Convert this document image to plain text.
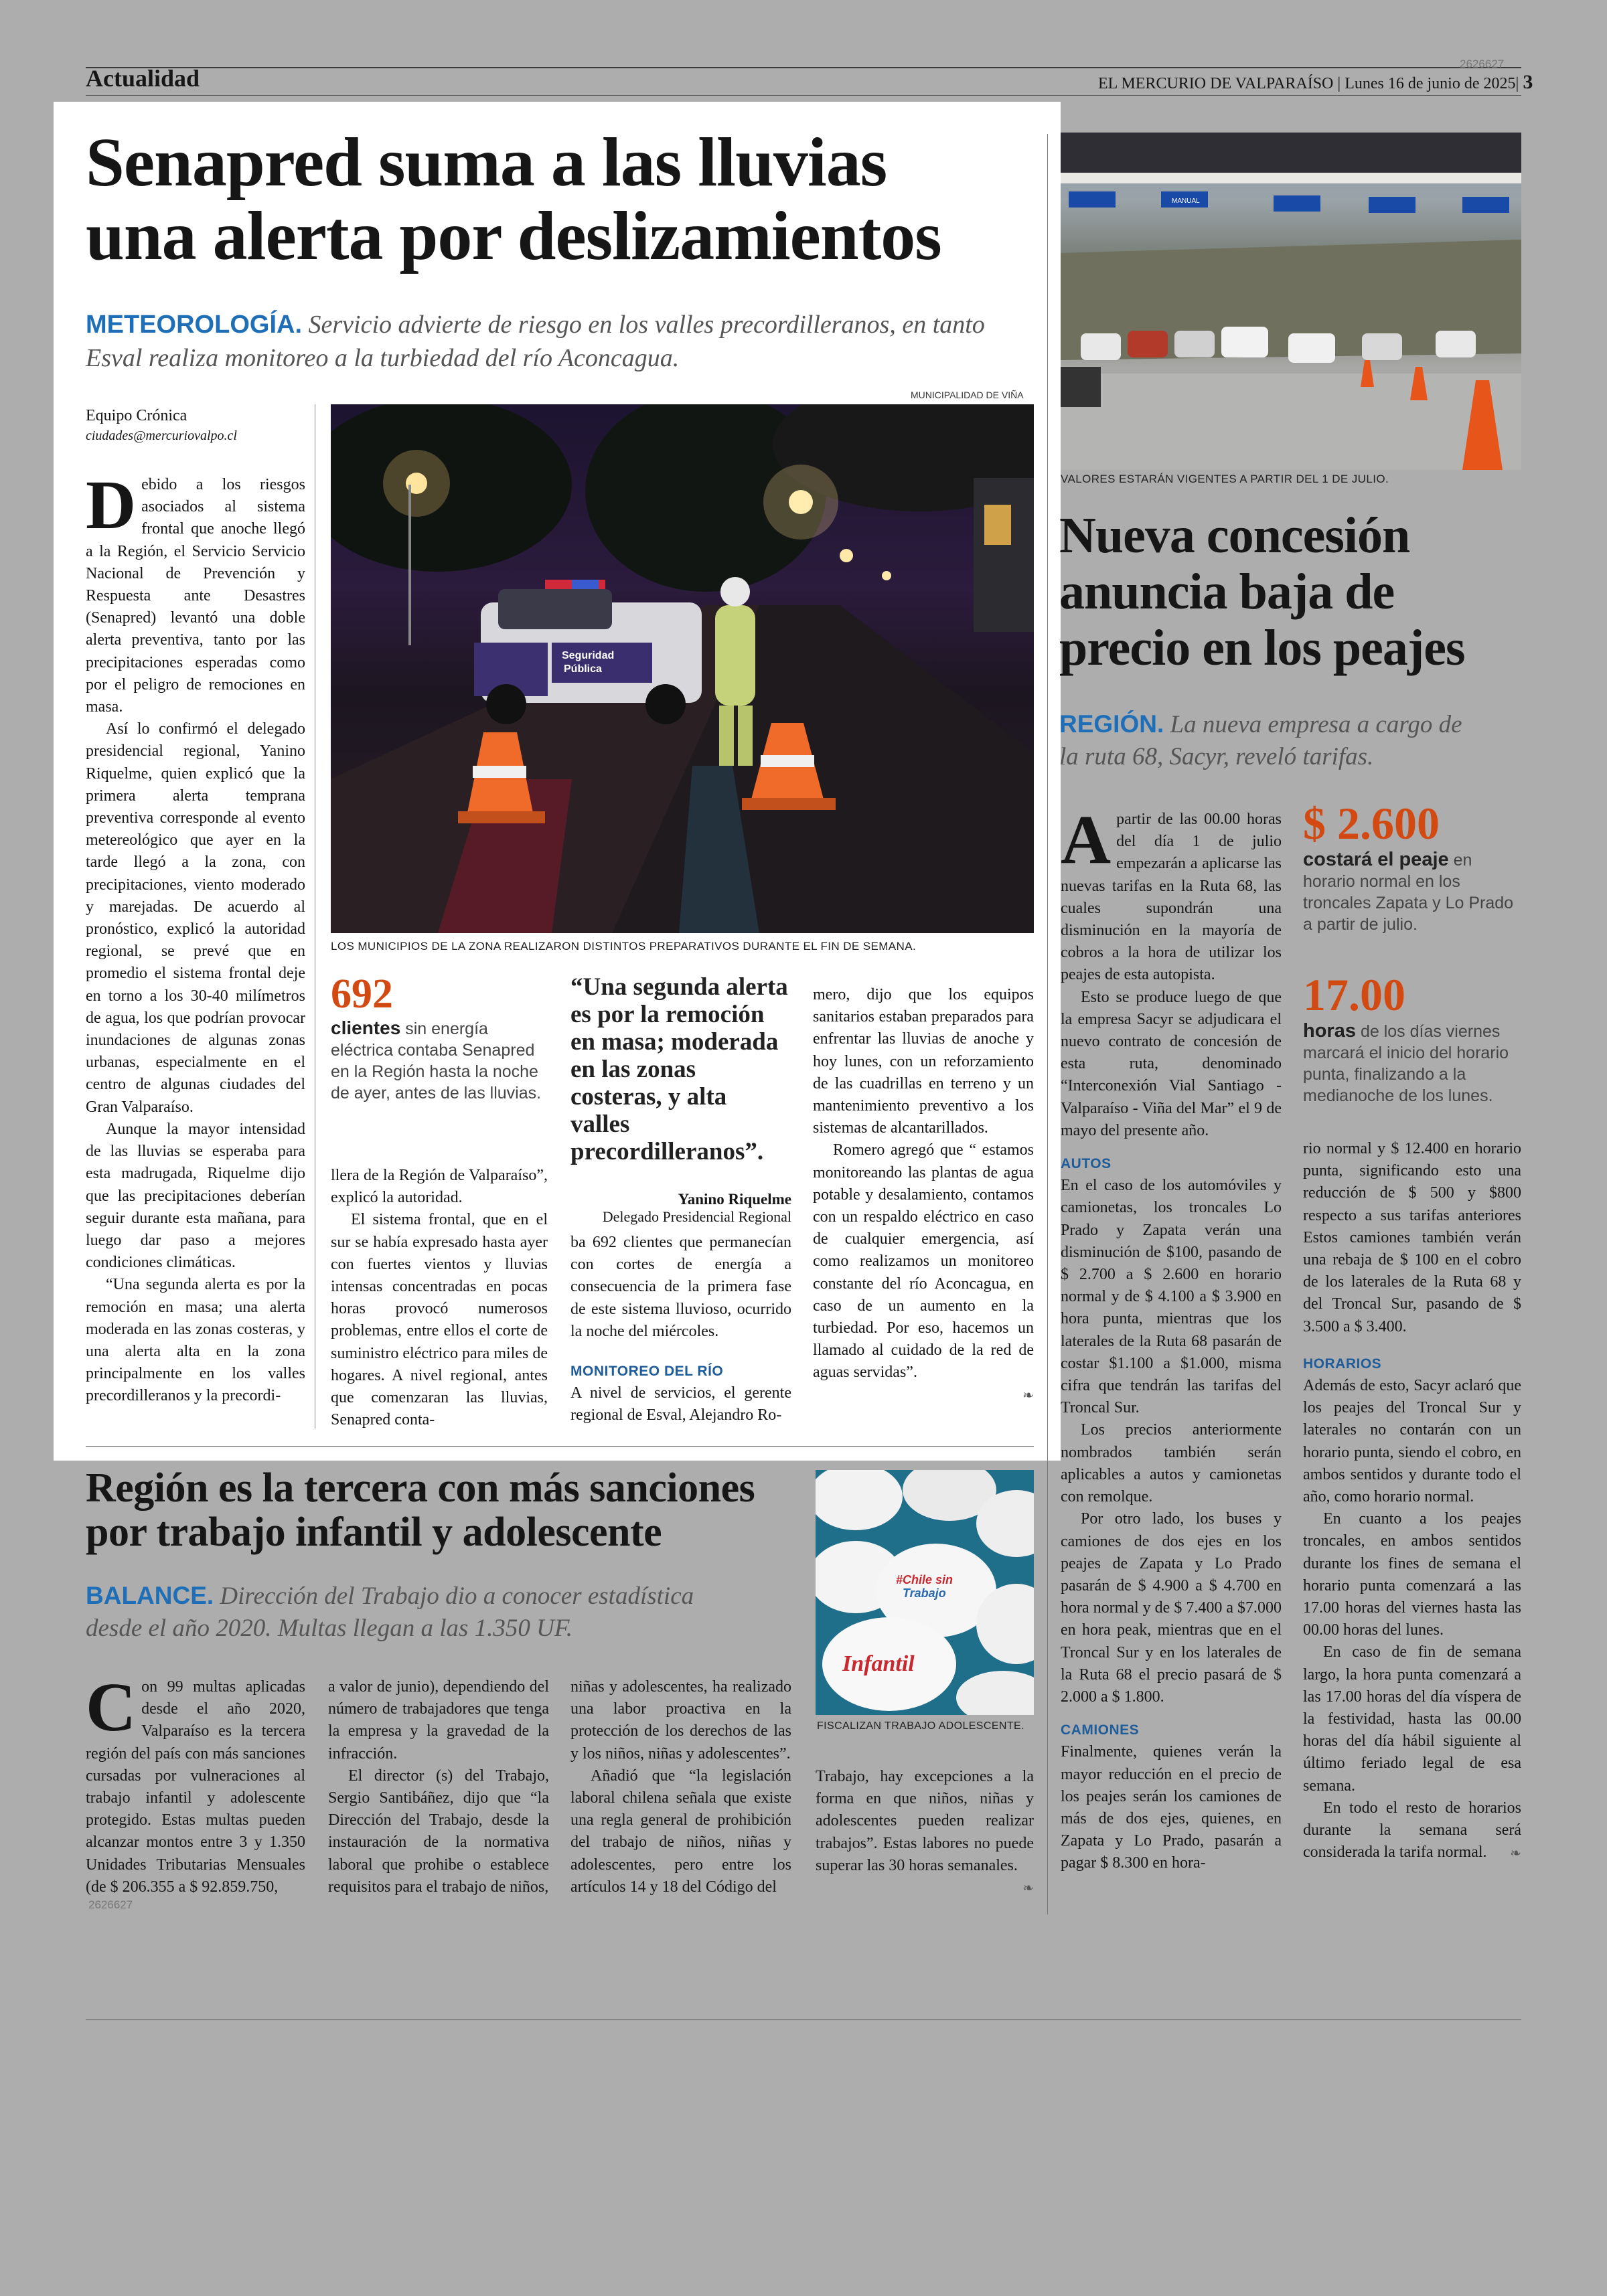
Actualidad
2626627
EL MERCURIO DE VALPARAÍSO | Lunes 16 de junio de 2025| 3
Senapred suma a las lluvias
una alerta por deslizamientos
METEOROLOGÍA. Servicio advierte de riesgo en los valles precordilleranos, en tanto
Esval realiza monitoreo a la turbiedad del río Aconcagua.
MUNICIPALIDAD DE VIÑA
Equipo Crónica
ciudades@mercuriovalpo.cl
Seguridad
Pública
LOS MUNICIPIOS DE LA ZONA REALIZARON DISTINTOS PREPARATIVOS DURANTE EL FIN DE SEMANA.

Debido a los riesgos asociados al sistema frontal que anoche llegó a la Región, el Servicio Servicio Nacional de Prevención y Respuesta ante Desastres (Senapred) levantó una doble alerta preventiva, tanto por las precipitaciones esperadas como por el peligro de remociones en masa.

Así lo confirmó el delegado presidencial regional, Yanino Riquelme, quien explicó que la primera alerta temprana preventiva corresponde al evento metereológico que ayer en la tarde llegó a la zona, con precipitaciones, viento moderado y marejadas. De acuerdo al pronóstico, explicó la autoridad regional, se prevé que en promedio el sistema frontal deje en torno a los 30-40 milímetros de agua, los que podrían provocar inundaciones de algunas zonas urbanas, especialmente en el centro de algunas ciudades del Gran Valparaíso.

Aunque la mayor intensidad de las lluvias se esperaba para esta madrugada, Riquelme dijo que las precipitaciones deberían seguir durante esta mañana, para luego dar paso a mejores condiciones climáticas.

“Una segunda alerta es por la remoción en masa; una alerta moderada en las zonas costeras, y una alerta alta en la zona principalmente en los valles precordilleranos y la precordi-

692
clientes sin energía eléctrica contaba Senapred en la Región hasta la noche de ayer, antes de las lluvias.

llera de la Región de Valparaíso”, explicó la autoridad.

El sistema frontal, que en el sur se había expresado hasta ayer con fuertes vientos y lluvias intensas concentradas en pocas horas provocó numerosos problemas, entre ellos el corte de suministro eléctrico para miles de hogares. A nivel regional, antes que comenzaran las lluvias, Senapred conta-

“Una segunda alerta es por la remoción en masa; moderada en las zonas costeras, y alta valles precordilleranos”.
Yanino Riquelme
Delegado Presidencial Regional

ba 692 clientes que permanecían con cortes de energía a consecuencia de la primera fase de este sistema lluvioso, ocurrido la noche del miércoles.

MONITOREO DEL RÍO

A nivel de servicios, el gerente regional de Esval, Alejandro Ro-

mero, dijo que los equipos sanitarios estaban preparados para enfrentar las lluvias de anoche y hoy lunes, con un reforzamiento de las cuadrillas en terreno y un mantenimiento preventivo a los sistemas de alcantarillados.

Romero agregó que “ estamos monitoreando las plantas de agua potable y desalamiento, contamos con un respaldo eléctrico en caso de cualquier emergencia, así como realizamos un monitoreo constante del río Aconcagua, en caso de un aumento en la turbiedad. Por eso, hacemos un llamado al cuidado de la red de aguas servidas”.

❧
MANUAL
VALORES ESTARÁN VIGENTES A PARTIR DEL 1 DE JULIO.
Nueva concesión
anuncia baja de
precio en los peajes
REGIÓN. La nueva empresa a cargo de
la ruta 68, Sacyr, reveló tarifas.

Apartir de las 00.00 horas del día 1 de julio empezarán a aplicarse las nuevas tarifas en la Ruta 68, las cuales supondrán una disminución en la mayoría de cobros a la hora de utilizar los peajes de esta autopista.

Esto se produce luego de que la empresa Sacyr se adjudicara el nuevo contrato de concesión de esta ruta, denominado “Interconexión Vial Santiago - Valparaíso - Viña del Mar” el 9 de mayo del presente año.

AUTOS

En el caso de los automóviles y camionetas, los troncales Lo Prado y Zapata verán una disminución de $100, pasando de $ 2.700 a $ 2.600 en horario normal y de $ 4.100 a $ 3.900 en hora punta, mientras que los laterales de la Ruta 68 pasarán de costar $1.100 a $1.000, misma cifra que tendrán las tarifas del Troncal Sur.

Los precios anteriormente nombrados también serán aplicables a autos y camionetas con remolque.

Por otro lado, los buses y camiones de dos ejes en los peajes de Zapata y Lo Prado pasarán de $ 4.900 a $ 4.700 en hora normal y de $ 7.400 a $7.000 en hora peak, mientras que en el Troncal Sur y en los laterales de la Ruta 68 el precio pasará de $ 2.000 a $ 1.800.

CAMIONES

Finalmente, quienes verán la mayor reducción en el precio de los peajes serán los camiones de más de dos ejes, quienes, en Zapata y Lo Prado, pasarán a pagar $ 8.300 en hora-

$ 2.600
costará el peaje en horario normal en los troncales Zapata y Lo Prado a partir de julio.
17.00
horas de los días viernes marcará el inicio del horario punta, finalizando a la medianoche de los lunes.

rio normal y $ 12.400 en horario punta, significando esto una reducción de $ 500 y $800 respecto a sus tarifas anteriores Estos camiones también verán una rebaja de $ 100 en el cobro de los laterales de la Ruta 68 y del Troncal Sur, pasando de $ 3.500 a $ 3.400.

HORARIOS

Además de esto, Sacyr aclaró que los peajes del Troncal Sur y laterales no contarán con un horario punta, siendo el cobro, en ambos sentidos y durante todo el año, como horario normal.

En cuanto a los peajes troncales, en ambos sentidos durante los fines de semana el horario punta comenzará a las 17.00 horas del viernes hasta las 00.00 horas del lunes.

En caso de fin de semana largo, la hora punta comenzará a las 17.00 horas del día víspera de la festividad, hasta las 00.00 horas del día hábil siguiente al último feriado legal de esa semana.

En todo el resto de horarios durante la semana será considerada la tarifa normal.	❧
Región es la tercera con más sanciones
por trabajo infantil y adolescente
BALANCE. Dirección del Trabajo dio a conocer estadística
desde el año 2020. Multas llegan a las 1.350 UF.

Con 99 multas aplicadas desde el año 2020, Valparaíso es la tercera región del país con más sanciones cursadas por vulneraciones al trabajo infantil y adolescente protegido. Estas multas pueden alcanzar montos entre 3 y 1.350 Unidades Tributarias Mensuales (de $ 206.355 a $ 92.859.750,

2626627

a valor de junio), dependiendo del número de trabajadores que tenga la empresa y la gravedad de la infracción.

El director (s) del Trabajo, Sergio Santibáñez, dijo que “la Dirección del Trabajo, desde la instauración de la normativa laboral que prohibe o establece requisitos para el trabajo de niños,

niñas y adolescentes, ha realizado una labor proactiva en la protección de los derechos de las y los niños, niñas y adolescentes”.

Añadió que “la legislación laboral chilena señala que existe una regla general de prohibición del trabajo de niños, niñas y adolescentes, pero entre los artículos 14 y 18 del Código del

#Chile sin
Trabajo
Infantil
FISCALIZAN TRABAJO ADOLESCENTE.

Trabajo, hay excepciones a la forma en que niños, niñas y adolescentes pueden realizar trabajos”. Estas labores no puede superar las 30 horas semanales.

❧
